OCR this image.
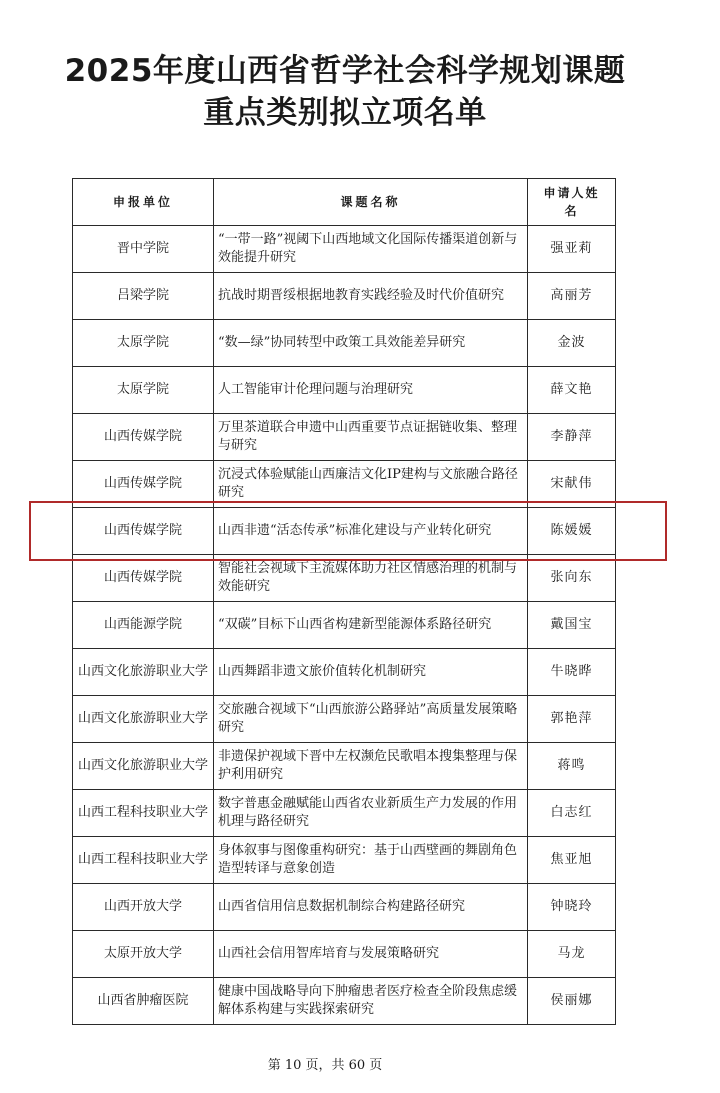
2025年度山西省哲学社会科学规划课题
重点类别拟立项名单
申报单位	课题名称	申请人姓名
晋中学院	“一带一路”视阈下山西地域文化国际传播渠道创新与效能提升研究	强亚莉
吕梁学院	抗战时期晋绥根据地教育实践经验及时代价值研究	高丽芳
太原学院	“数—绿”协同转型中政策工具效能差异研究	金波
太原学院	人工智能审计伦理问题与治理研究	薛文艳
山西传媒学院	万里茶道联合申遗中山西重要节点证据链收集、整理与研究	李静萍
山西传媒学院	沉浸式体验赋能山西廉洁文化IP建构与文旅融合路径研究	宋献伟
山西传媒学院	山西非遗“活态传承”标准化建设与产业转化研究	陈媛媛
山西传媒学院	智能社会视域下主流媒体助力社区情感治理的机制与效能研究	张向东
山西能源学院	“双碳”目标下山西省构建新型能源体系路径研究	戴国宝
山西文化旅游职业大学	山西舞蹈非遗文旅价值转化机制研究	牛晓晔
山西文化旅游职业大学	交旅融合视域下“山西旅游公路驿站”高质量发展策略研究	郭艳萍
山西文化旅游职业大学	非遗保护视域下晋中左权濒危民歌唱本搜集整理与保护利用研究	蒋鸣
山西工程科技职业大学	数字普惠金融赋能山西省农业新质生产力发展的作用机理与路径研究	白志红
山西工程科技职业大学	身体叙事与图像重构研究：基于山西壁画的舞剧角色造型转译与意象创造	焦亚旭
山西开放大学	山西省信用信息数据机制综合构建路径研究	钟晓玲
太原开放大学	山西社会信用智库培育与发展策略研究	马龙
山西省肿瘤医院	健康中国战略导向下肿瘤患者医疗检查全阶段焦虑缓解体系构建与实践探索研究	侯丽娜
第 10 页，共 60 页
